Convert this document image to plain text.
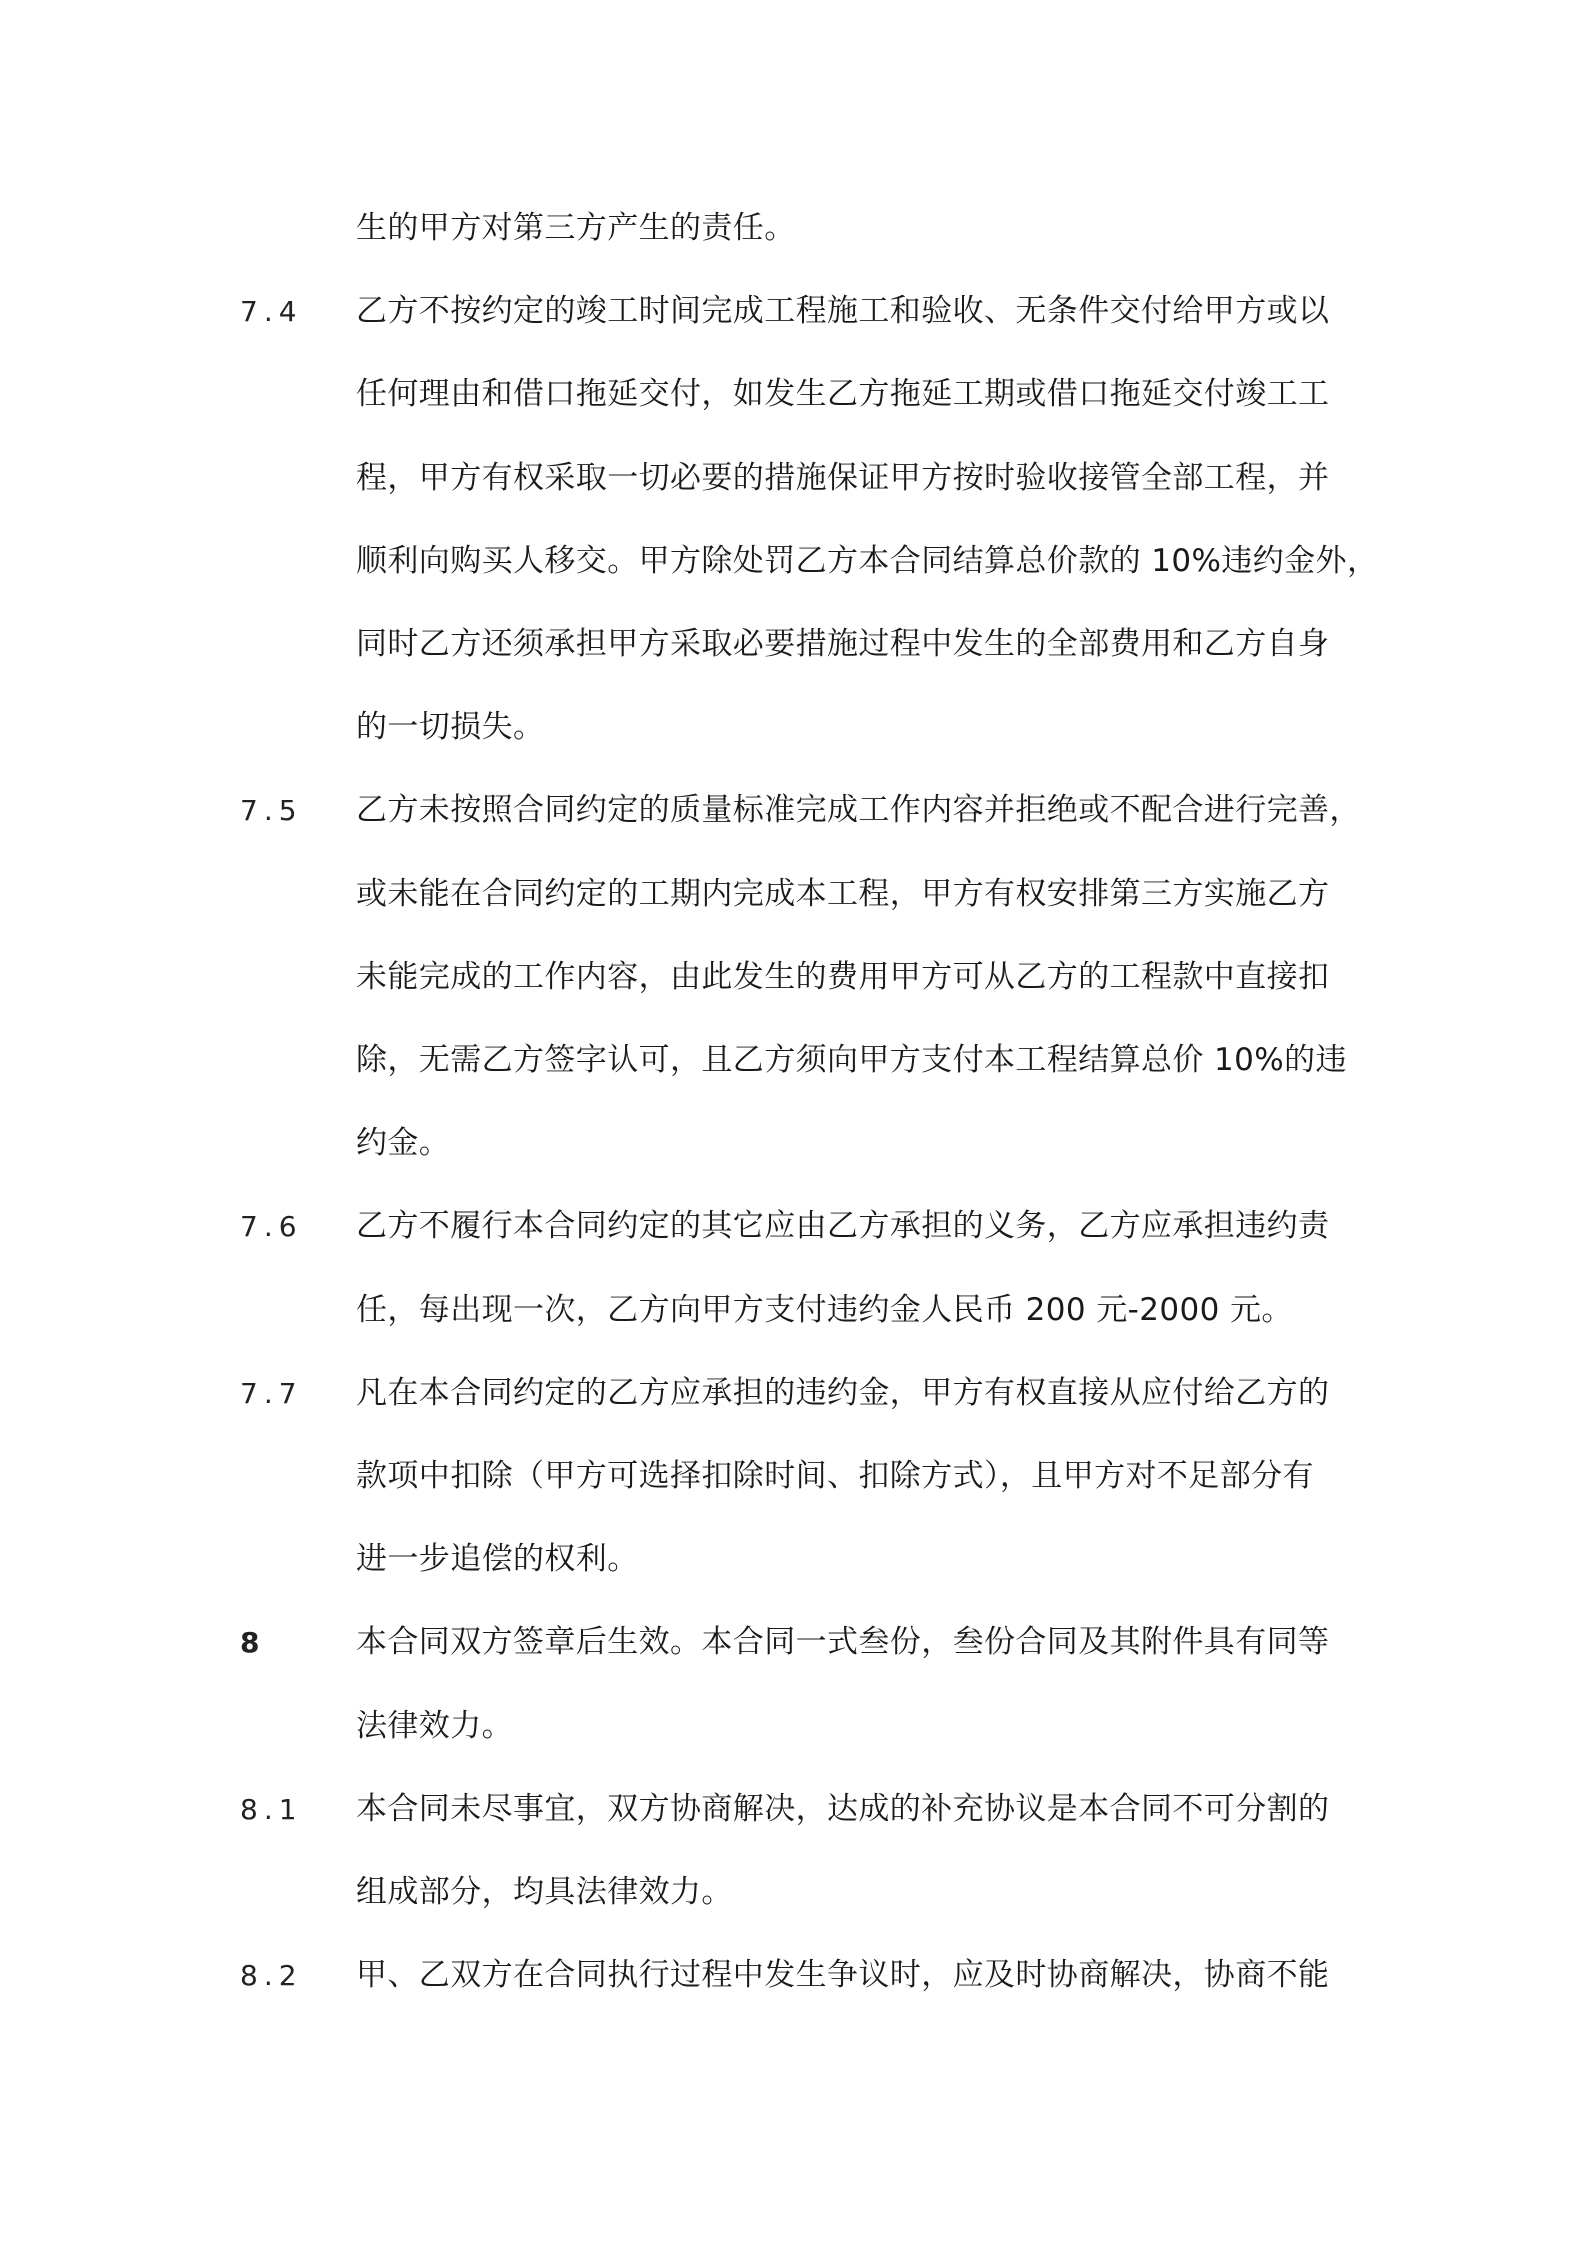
生的甲方对第三方产生的责任。
7.4 乙方不按约定的竣工时间完成工程施工和验收、无条件交付给甲方或以
任何理由和借口拖延交付，如发生乙方拖延工期或借口拖延交付竣工工
程，甲方有权采取一切必要的措施保证甲方按时验收接管全部工程，并
顺利向购买人移交。甲方除处罚乙方本合同结算总价款的 10%违约金外，
同时乙方还须承担甲方采取必要措施过程中发生的全部费用和乙方自身
的一切损失。
7.5 乙方未按照合同约定的质量标准完成工作内容并拒绝或不配合进行完善，
或未能在合同约定的工期内完成本工程，甲方有权安排第三方实施乙方
未能完成的工作内容，由此发生的费用甲方可从乙方的工程款中直接扣
除，无需乙方签字认可，且乙方须向甲方支付本工程结算总价 10%的违
约金。
7.6 乙方不履行本合同约定的其它应由乙方承担的义务，乙方应承担违约责
任，每出现一次，乙方向甲方支付违约金人民币 200 元-2000 元。
7.7 凡在本合同约定的乙方应承担的违约金，甲方有权直接从应付给乙方的
款项中扣除（甲方可选择扣除时间、扣除方式），且甲方对不足部分有
进一步追偿的权利。
8	本合同双方签章后生效。本合同一式叁份，叁份合同及其附件具有同等
法律效力。
8.1 本合同未尽事宜，双方协商解决，达成的补充协议是本合同不可分割的
组成部分，均具法律效力。
8.2 甲、乙双方在合同执行过程中发生争议时，应及时协商解决，协商不能
